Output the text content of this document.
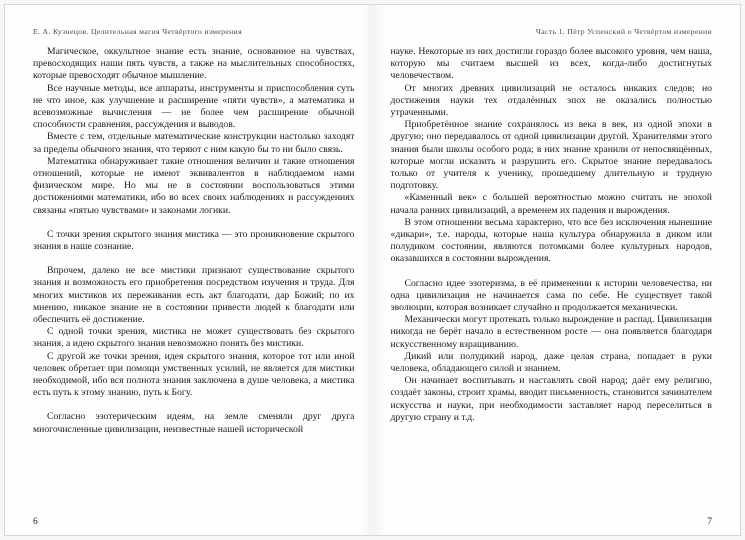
Е. А. Кузнецов. Целительная магия Четвёртого измерения

Магическое, оккультное знание есть знание, основанное на чувствах, превосходящих наши пять чувств, а также на мыслительных способностях, которые превосходят обычное мышление.

Все научные методы, все аппараты, инструменты и приспособления суть не что иное, как улучшение и расширение «пяти чувств», а математика и всевозможные вычисления — не более чем расширение обычной способности сравнения, рассуждения и выводов.

Вместе с тем, отдельные математические конструкции настолько заходят за пределы обычного знания, что теряют с ним какую бы то ни было связь.

Математика обнаруживает такие отношения величин и такие отношения отношений, которые не имеют эквивалентов в наблюдаемом нами физическом мире. Но мы не в состоянии воспользоваться этими достижениями математики, ибо во всех своих наблюдениях и рассуждениях связаны «пятью чувствами» и законами логики.

С точки зрения скрытого знания мистика — это проникновение скрытого знания в наше сознание.

Впрочем, далеко не все мистики признают существование скрытого знания и возможность его приобретения посредством изучения и труда. Для многих мистиков их переживания есть акт благодати, дар Божий; по их мнению, никакое знание не в состоянии привести людей к благодати или обеспечить её достижение.

С одной точки зрения, мистика не может существовать без скрытого знания, а идею скрытого знания невозможно понять без мистики.

С другой же точки зрения, идея скрытого знания, которое тот или иной человек обретает при помощи умственных усилий, не является для мистики необходимой, ибо вся полнота знания заключена в душе человека, а мистика есть путь к этому знанию, путь к Богу.

Согласно эзотерическим идеям, на земле сменяли друг друга многочисленные цивилизации, неизвестные нашей исторической

6
Часть 1. Пётр Успенский о Четвёртом измерении

науке. Некоторые из них достигли гораздо более высокого уровня, чем наша, которую мы считаем высшей из всех, когда-либо достигнутых человечеством.

От многих древних цивилизаций не осталось никаких следов; но достижения науки тех отдалённых эпох не оказались полностью утраченными.

Приобретённое знание сохранялось из века в век, из одной эпохи в другую; оно передавалось от одной цивилизации другой. Хранителями этого знания были школы особого рода; в них знание хранили от непосвящённых, которые могли исказить и разрушить его. Скрытое знание передавалось только от учителя к ученику, прошедшему длительную и трудную подготовку.

«Каменный век» с большей вероятностью можно считать не эпохой начала ранних цивилизаций, а временем их падения и вырождения.

В этом отношении весьма характерно, что все без исключения нынешние «дикари», т.е. народы, которые наша культура обнаружила в диком или полудиком состоянии, являются потомками более культурных народов, оказавшихся в состоянии вырождения.

Согласно идее эзотеризма, в её применении к истории человечества, ни одна цивилизация не начинается сама по себе. Не существует такой эволюции, которая возникает случайно и продолжается механически.

Механически могут протекать только вырождение и распад. Цивилизация никогда не берёт начало в естественном росте — она появляется благодаря искусственному взращиванию.

Дикий или полудикий народ, даже целая страна, попадает в руки человека, обладающего силой и знанием.

Он начинает воспитывать и наставлять свой народ; даёт ему религию, создаёт законы, строит храмы, вводит письменность, становится зачинателем искусства и науки, при необходимости заставляет народ переселиться в другую страну и т.д.

7
